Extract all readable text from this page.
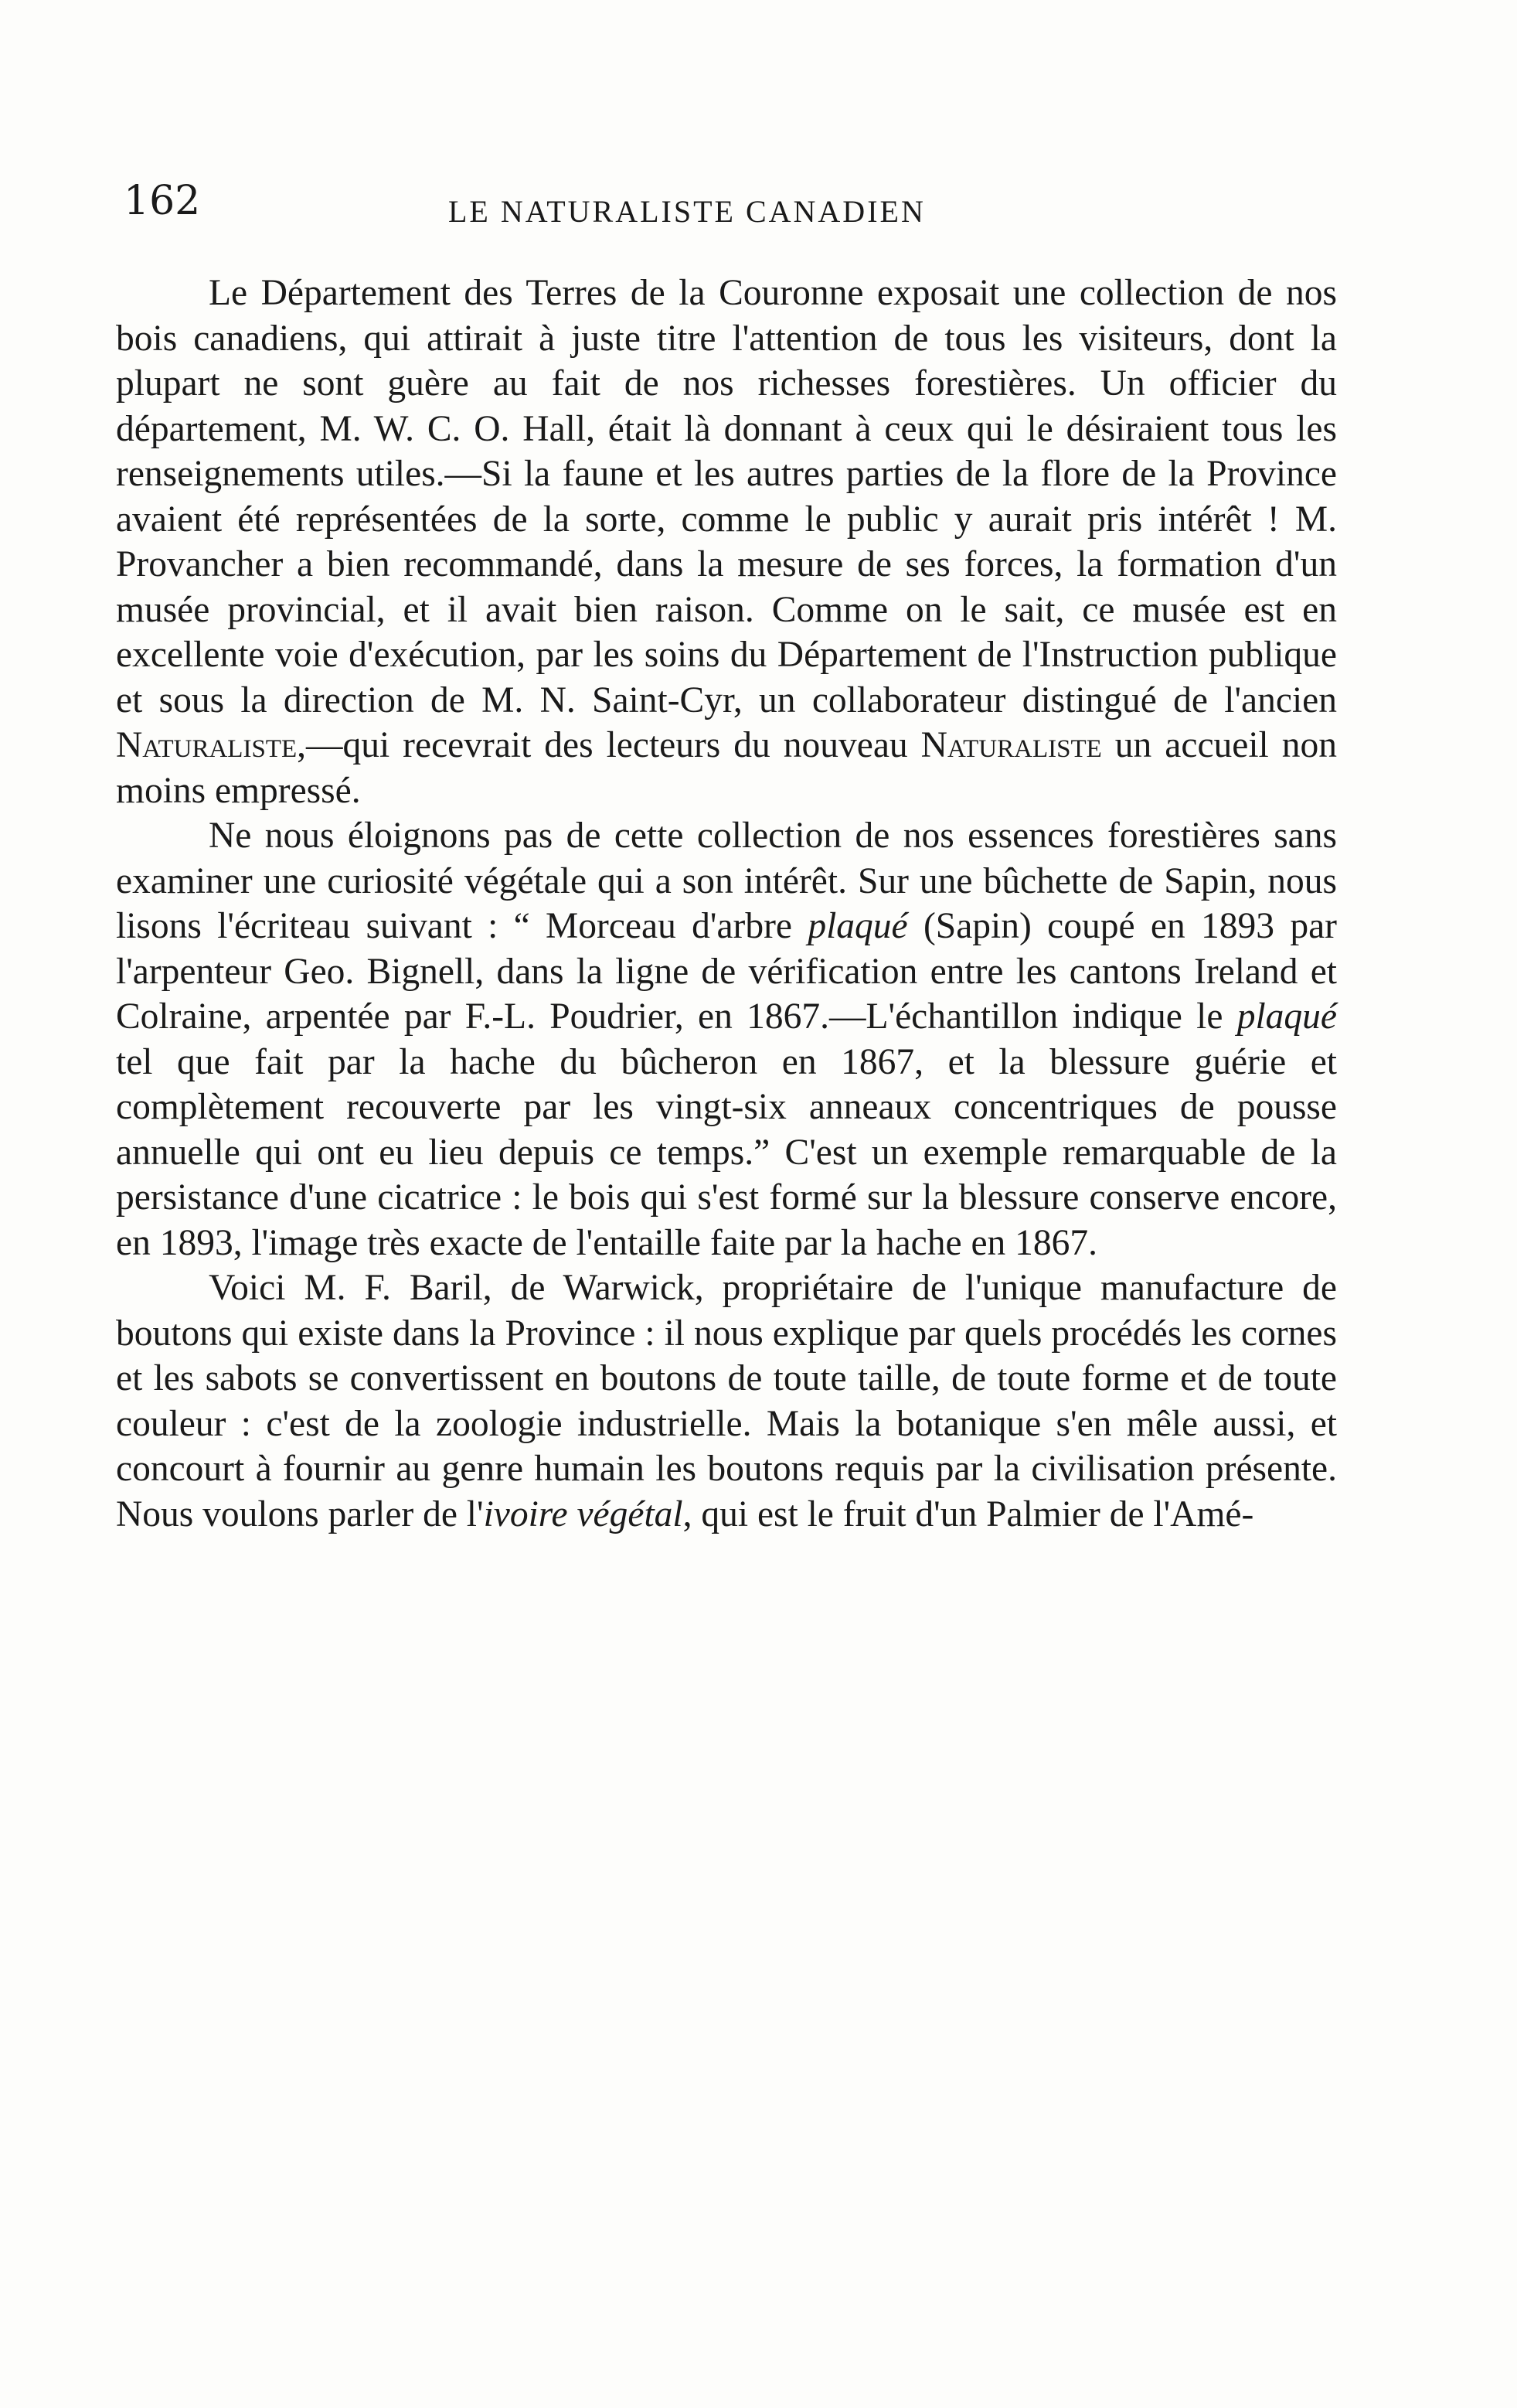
162	LE NATURALISTE CANADIEN

Le Département des Terres de la Couronne exposait une collection de nos bois canadiens, qui attirait à juste titre l'attention de tous les visiteurs, dont la plupart ne sont guère au fait de nos richesses forestières. Un officier du département, M. W. C. O. Hall, était là donnant à ceux qui le désiraient tous les renseignements utiles.—Si la faune et les autres parties de la flore de la Province avaient été représentées de la sorte, comme le public y aurait pris intérêt ! M. Provancher a bien recommandé, dans la mesure de ses forces, la formation d'un musée provincial, et il avait bien raison. Comme on le sait, ce musée est en excellente voie d'exécution, par les soins du Département de l'Instruction publique et sous la direction de M. N. Saint-Cyr, un collaborateur distingué de l'ancien Naturaliste,—qui recevrait des lecteurs du nouveau Naturaliste un accueil non moins empressé.

Ne nous éloignons pas de cette collection de nos essences forestières sans examiner une curiosité végétale qui a son intérêt. Sur une bûchette de Sapin, nous lisons l'écriteau suivant : “ Morceau d'arbre plaqué (Sapin) coupé en 1893 par l'arpenteur Geo. Bignell, dans la ligne de vérification entre les cantons Ireland et Colraine, arpentée par F.-L. Poudrier, en 1867.—L'échantillon indique le plaqué tel que fait par la hache du bûcheron en 1867, et la blessure guérie et complètement recouverte par les vingt-six anneaux concentriques de pousse annuelle qui ont eu lieu depuis ce temps.” C'est un exemple remarquable de la persistance d'une cicatrice : le bois qui s'est formé sur la blessure conserve encore, en 1893, l'image très exacte de l'entaille faite par la hache en 1867.

Voici M. F. Baril, de Warwick, propriétaire de l'unique manufacture de boutons qui existe dans la Province : il nous explique par quels procédés les cornes et les sabots se convertissent en boutons de toute taille, de toute forme et de toute couleur : c'est de la zoologie industrielle. Mais la botanique s'en mêle aussi, et concourt à fournir au genre humain les boutons requis par la civilisation présente. Nous voulons parler de l'ivoire végétal, qui est le fruit d'un Palmier de l'Amé-
